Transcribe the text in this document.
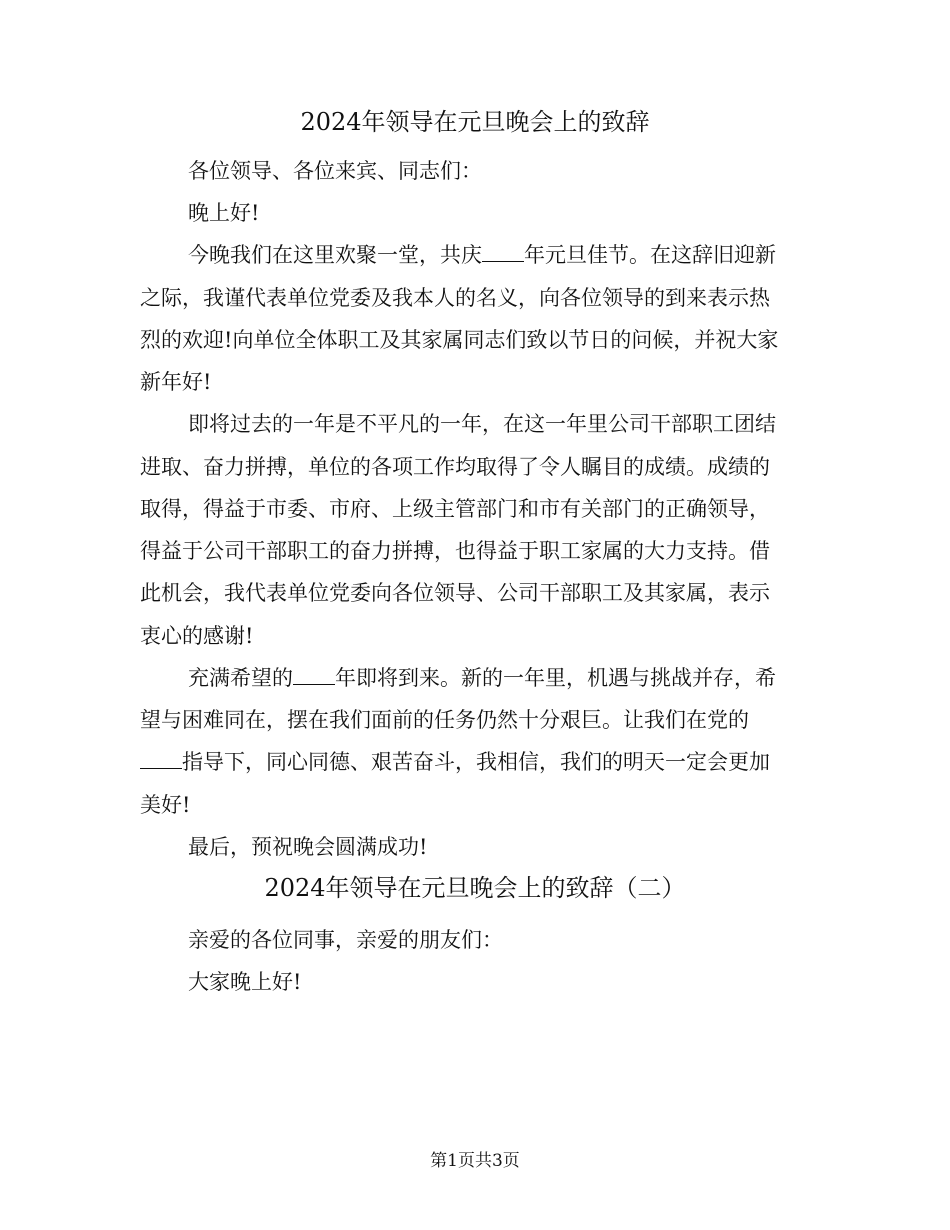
2024年领导在元旦晚会上的致辞
各位领导、各位来宾、同志们：
晚上好!
今晚我们在这里欢聚一堂，共庆 年元旦佳节。在这辞旧迎新
之际，我谨代表单位党委及我本人的名义，向各位领导的到来表示热
烈的欢迎!向单位全体职工及其家属同志们致以节日的问候，并祝大家
新年好!
即将过去的一年是不平凡的一年，在这一年里公司干部职工团结
进取、奋力拼搏，单位的各项工作均取得了令人瞩目的成绩。成绩的
取得，得益于市委、市府、上级主管部门和市有关部门的正确领导，
得益于公司干部职工的奋力拼搏，也得益于职工家属的大力支持。借
此机会，我代表单位党委向各位领导、公司干部职工及其家属，表示
衷心的感谢!
充满希望的 年即将到来。新的一年里，机遇与挑战并存，希
望与困难同在，摆在我们面前的任务仍然十分艰巨。让我们在党的
指导下，同心同德、艰苦奋斗，我相信，我们的明天一定会更加
美好!
最后，预祝晚会圆满成功!
2024年领导在元旦晚会上的致辞（二）
亲爱的各位同事，亲爱的朋友们：
大家晚上好!
第1页共3页
